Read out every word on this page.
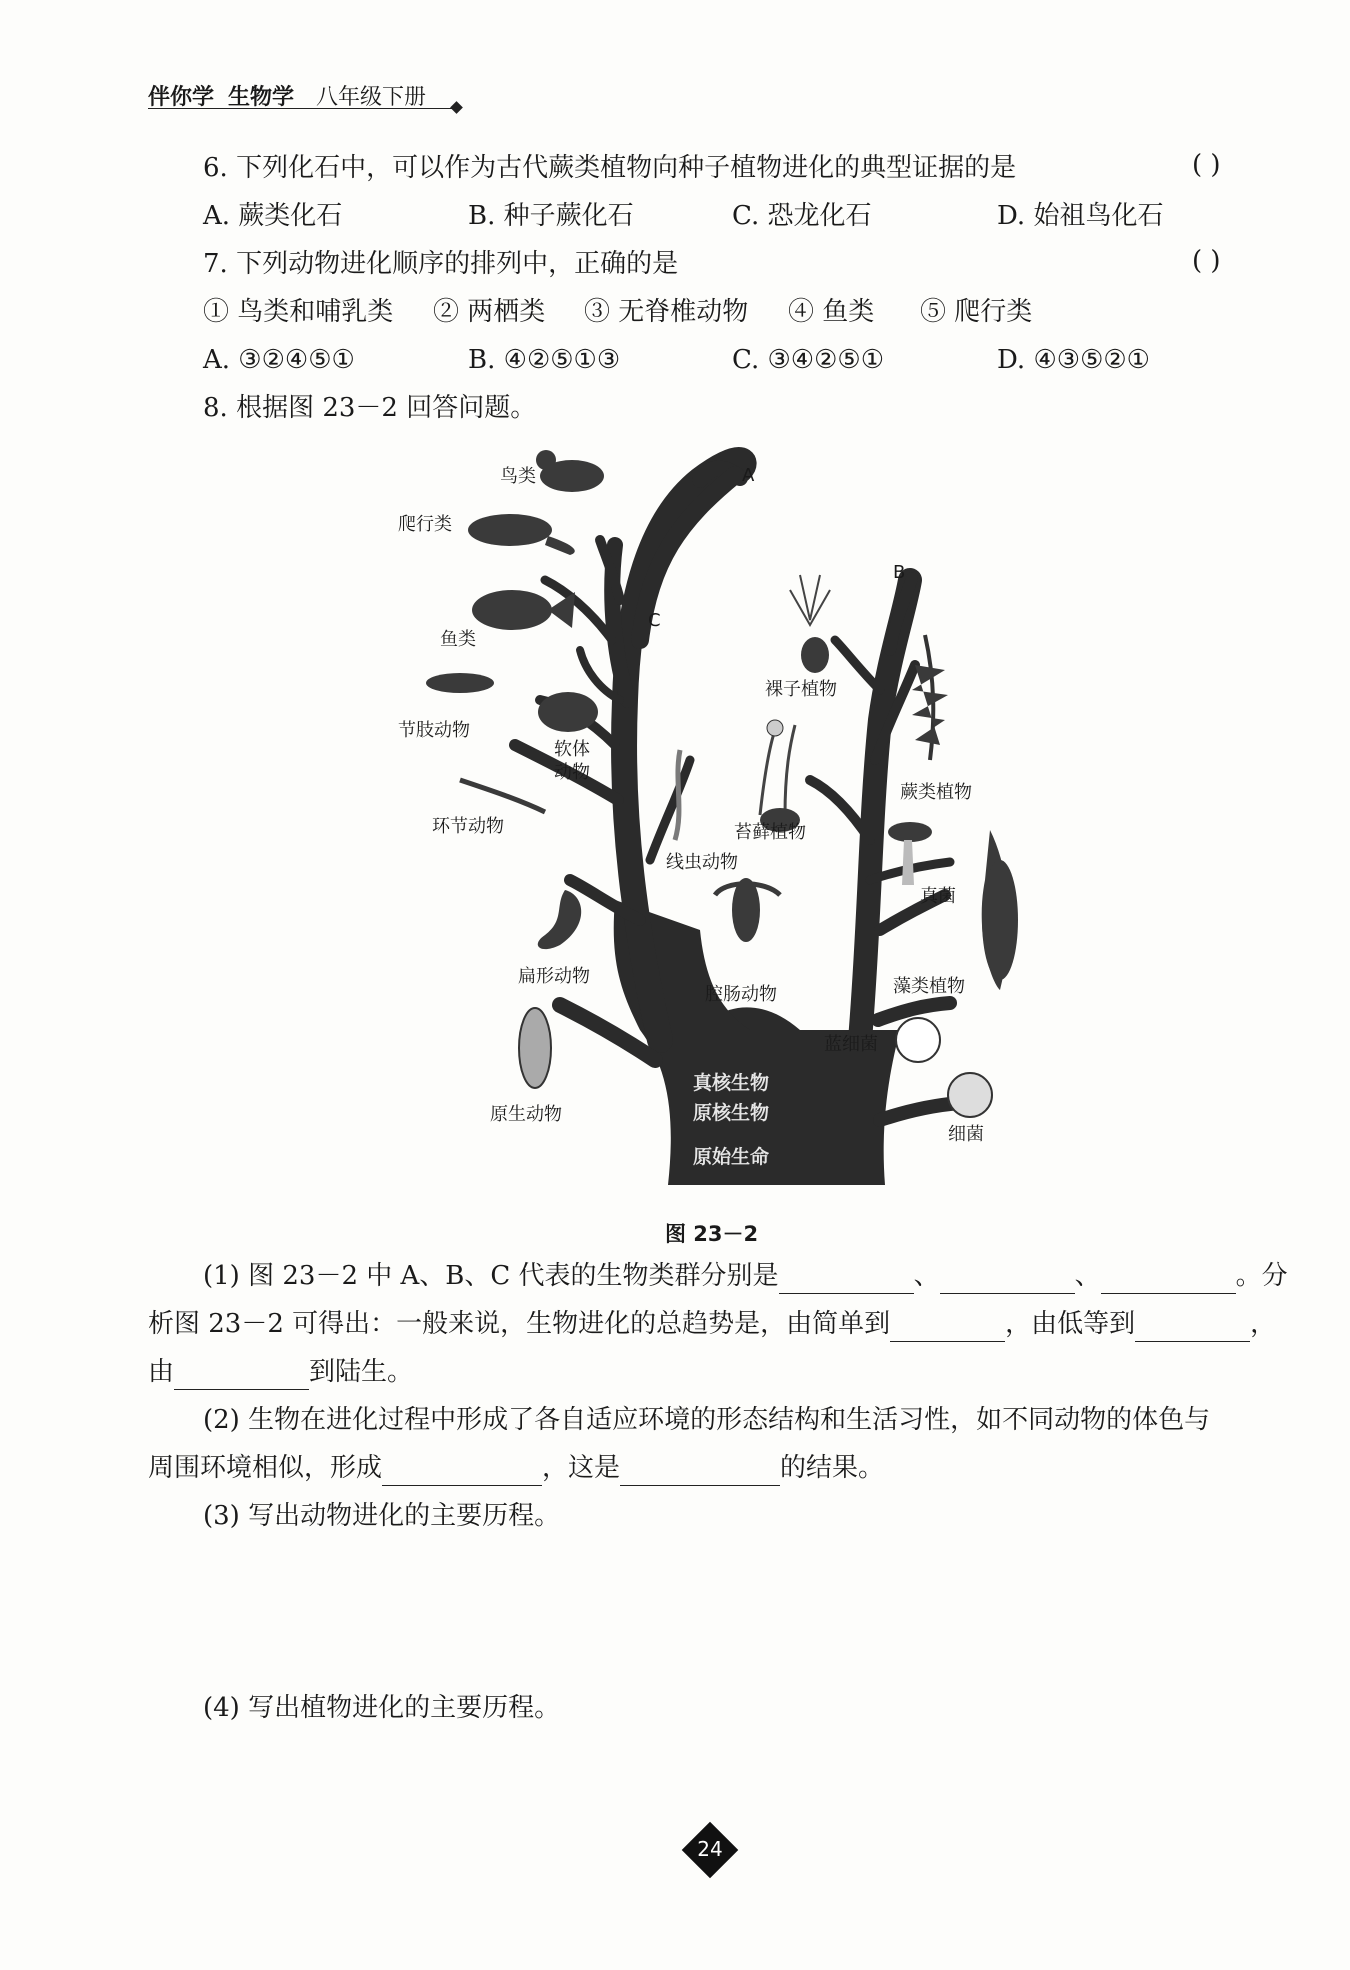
伴你学 生物学 八年级下册
6. 下列化石中，可以作为古代蕨类植物向种子植物进化的典型证据的是	( )
A. 蕨类化石	B. 种子蕨化石	C. 恐龙化石	D. 始祖鸟化石
7. 下列动物进化顺序的排列中，正确的是	( )
① 鸟类和哺乳类 ② 两栖类 ③ 无脊椎动物 ④ 鱼类 ⑤ 爬行类
A. ③②④⑤①	B. ④②⑤①③	C. ③④②⑤①	D. ④③⑤②①
8. 根据图 23－2 回答问题。
A
B
C
鸟类
爬行类
鱼类
节肢动物
软体
动物
环节动物
线虫动物
扁形动物
腔肠动物
原生动物
裸子植物
蕨类植物
苔藓植物
真菌
藻类植物
蓝细菌
细菌
真核生物
原核生物
原始生命
图 23－2
(1) 图 23－2 中 A、B、C 代表的生物类群分别是	、	、	。分
析图 23－2 可得出：一般来说，生物进化的总趋势是，由简单到	，由低等到	，
由	到陆生。
(2) 生物在进化过程中形成了各自适应环境的形态结构和生活习性，如不同动物的体色与
周围环境相似，形成	，这是	的结果。
(3) 写出动物进化的主要历程。
(4) 写出植物进化的主要历程。
24
